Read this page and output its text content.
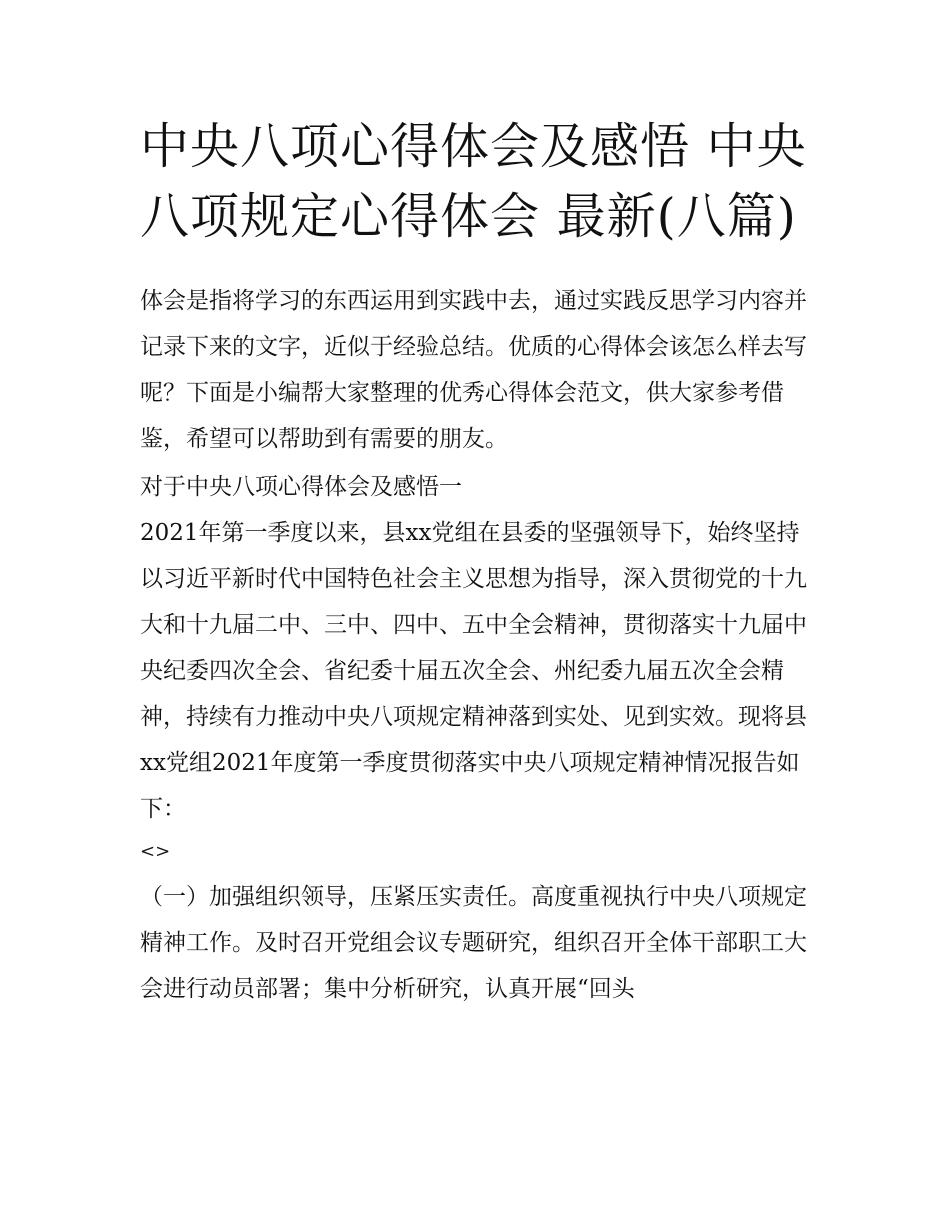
中央八项心得体会及感悟 中央八项规定心得体会 最新(八篇)

体会是指将学习的东西运用到实践中去，通过实践反思学习内容并记录下来的文字，近似于经验总结。优质的心得体会该怎么样去写呢？下面是小编帮大家整理的优秀心得体会范文，供大家参考借鉴，希望可以帮助到有需要的朋友。

对于中央八项心得体会及感悟一

2021年第一季度以来，县xx党组在县委的坚强领导下，始终坚持以习近平新时代中国特色社会主义思想为指导，深入贯彻党的十九大和十九届二中、三中、四中、五中全会精神，贯彻落实十九届中央纪委四次全会、省纪委十届五次全会、州纪委九届五次全会精神，持续有力推动中央八项规定精神落到实处、见到实效。现将县xx党组2021年度第一季度贯彻落实中央八项规定精神情况报告如下：

<>

（一）加强组织领导，压紧压实责任。高度重视执行中央八项规定精神工作。及时召开党组会议专题研究，组织召开全体干部职工大会进行动员部署；集中分析研究，认真开展“回头
